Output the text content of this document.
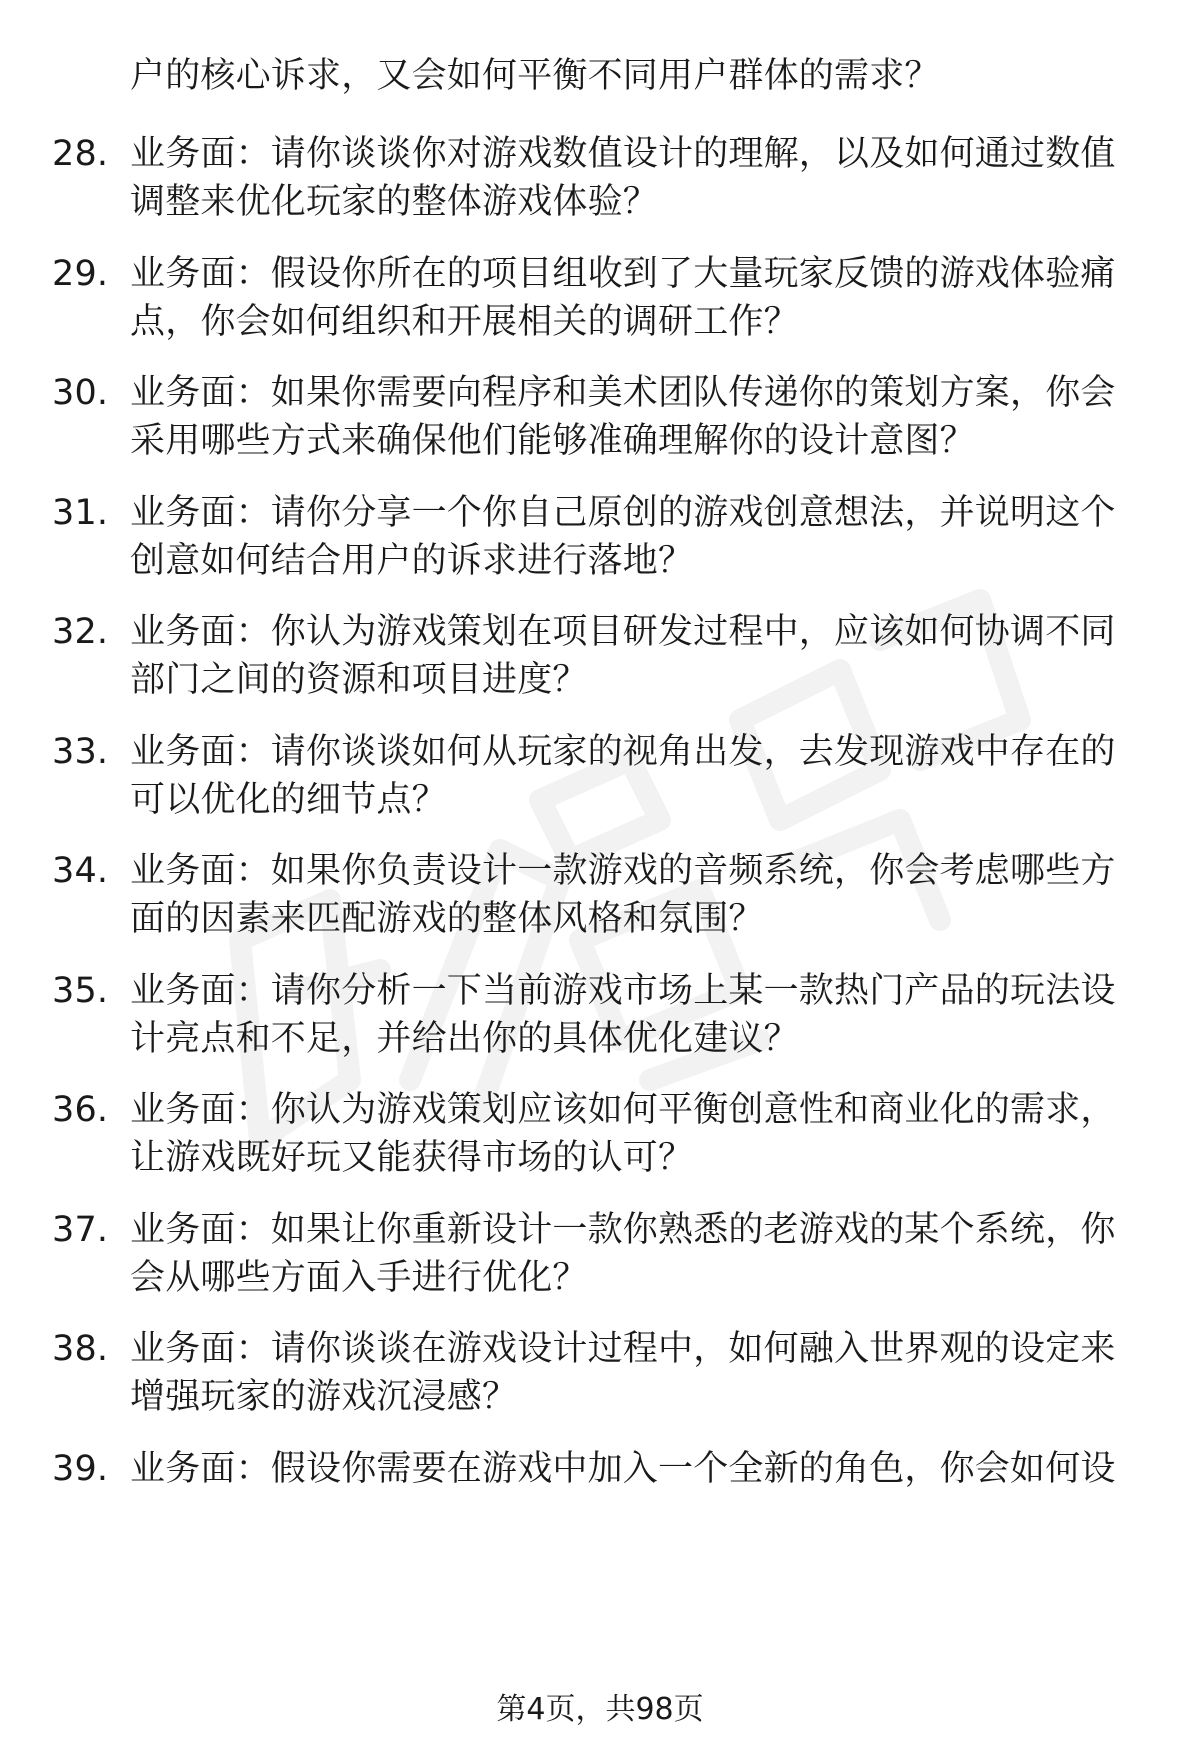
户的核心诉求，又会如何平衡不同用户群体的需求？
28. 业务面：请你谈谈你对游戏数值设计的理解，以及如何通过数值
调整来优化玩家的整体游戏体验？
29. 业务面：假设你所在的项目组收到了大量玩家反馈的游戏体验痛
点，你会如何组织和开展相关的调研工作？
30. 业务面：如果你需要向程序和美术团队传递你的策划方案，你会
采用哪些方式来确保他们能够准确理解你的设计意图？
31. 业务面：请你分享一个你自己原创的游戏创意想法，并说明这个
创意如何结合用户的诉求进行落地？
32. 业务面：你认为游戏策划在项目研发过程中，应该如何协调不同
部门之间的资源和项目进度？
33. 业务面：请你谈谈如何从玩家的视角出发，去发现游戏中存在的
可以优化的细节点？
34. 业务面：如果你负责设计一款游戏的音频系统，你会考虑哪些方
面的因素来匹配游戏的整体风格和氛围？
35. 业务面：请你分析一下当前游戏市场上某一款热门产品的玩法设
计亮点和不足，并给出你的具体优化建议？
36. 业务面：你认为游戏策划应该如何平衡创意性和商业化的需求，
让游戏既好玩又能获得市场的认可？
37. 业务面：如果让你重新设计一款你熟悉的老游戏的某个系统，你
会从哪些方面入手进行优化？
38. 业务面：请你谈谈在游戏设计过程中，如何融入世界观的设定来
增强玩家的游戏沉浸感？
39. 业务面：假设你需要在游戏中加入一个全新的角色，你会如何设
第4页，共98页
